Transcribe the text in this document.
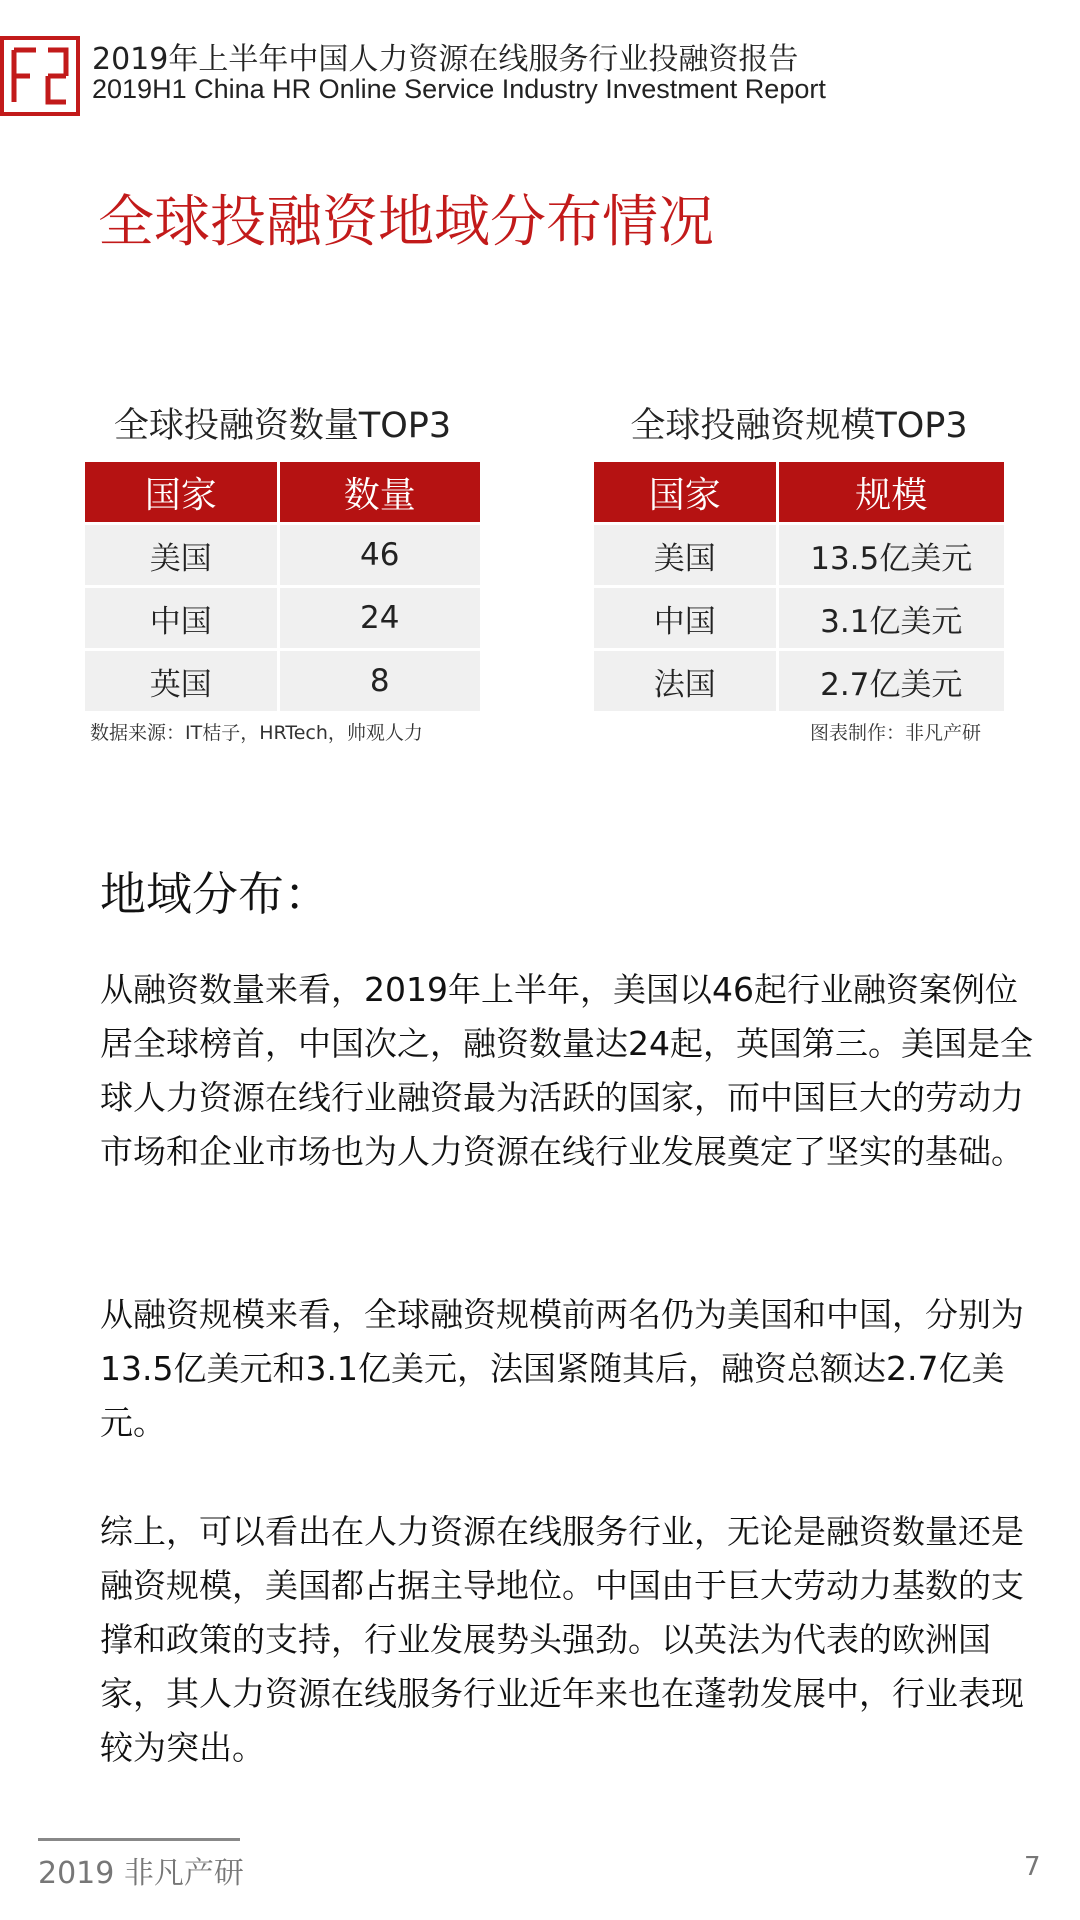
2019年上半年中国人力资源在线服务行业投融资报告
2019H1 China HR Online Service Industry Investment Report
全球投融资地域分布情况
全球投融资数量TOP3
国家	数量
美国	46
中国	24
英国	8
全球投融资规模TOP3
国家	规模
美国	13.5亿美元
中国	3.1亿美元
法国	2.7亿美元
数据来源：IT桔子，HRTech，帅观人力	图表制作：非凡产研
地域分布：

从融资数量来看，2019年上半年，美国以46起行业融资案例位居全球榜首，中国次之，融资数量达24起，英国第三。美国是全球人力资源在线行业融资最为活跃的国家，而中国巨大的劳动力市场和企业市场也为人力资源在线行业发展奠定了坚实的基础。

从融资规模来看，全球融资规模前两名仍为美国和中国，分别为13.5亿美元和3.1亿美元，法国紧随其后，融资总额达2.7亿美元。

综上，可以看出在人力资源在线服务行业，无论是融资数量还是融资规模，美国都占据主导地位。中国由于巨大劳动力基数的支撑和政策的支持，行业发展势头强劲。以英法为代表的欧洲国家，其人力资源在线服务行业近年来也在蓬勃发展中，行业表现较为突出。

2019 非凡产研	7
